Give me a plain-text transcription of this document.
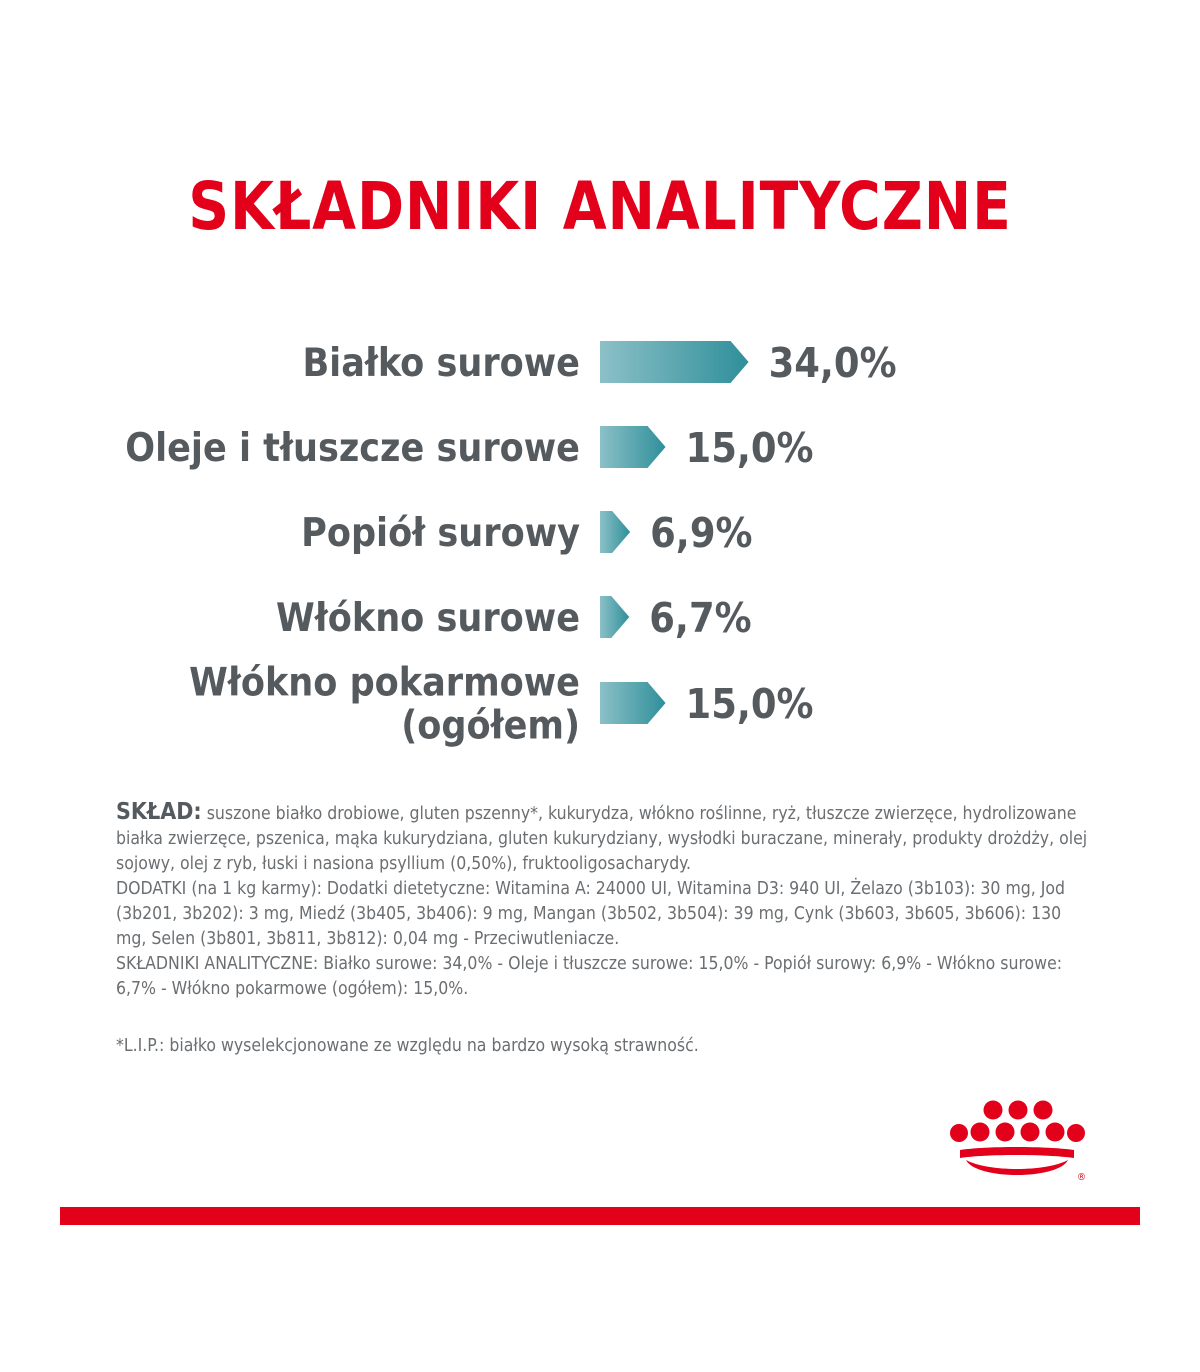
SKŁADNIKI ANALITYCZNE
34,0%
Białko surowe
15,0%
Oleje i tłuszcze surowe
6,9%
Popiół surowy
6,7%
Włókno surowe
15,0%
Włókno pokarmowe
(ogółem)

SKŁAD: suszone białko drobiowe, gluten pszenny*, kukurydza, włókno roślinne, ryż, tłuszcze zwierzęce, hydrolizowane białka zwierzęce, pszenica, mąka kukurydziana, gluten kukurydziany, wysłodki buraczane, minerały, produkty drożdży, olej sojowy, olej z ryb, łuski i nasiona psyllium (0,50%), fruktooligosacharydy.

DODATKI (na 1 kg karmy): Dodatki dietetyczne: Witamina A: 24000 UI, Witamina D3: 940 UI, Żelazo (3b103): 30 mg, Jod (3b201, 3b202): 3 mg, Miedź (3b405, 3b406): 9 mg, Mangan (3b502, 3b504): 39 mg, Cynk (3b603, 3b605, 3b606): 130 mg, Selen (3b801, 3b811, 3b812): 0,04 mg - Przeciwutleniacze.

SKŁADNIKI ANALITYCZNE: Białko surowe: 34,0% - Oleje i tłuszcze surowe: 15,0% - Popiół surowy: 6,9% - Włókno surowe: 6,7% - Włókno pokarmowe (ogółem): 15,0%.

*L.I.P.: białko wyselekcjonowane ze względu na bardzo wysoką strawność.
®
